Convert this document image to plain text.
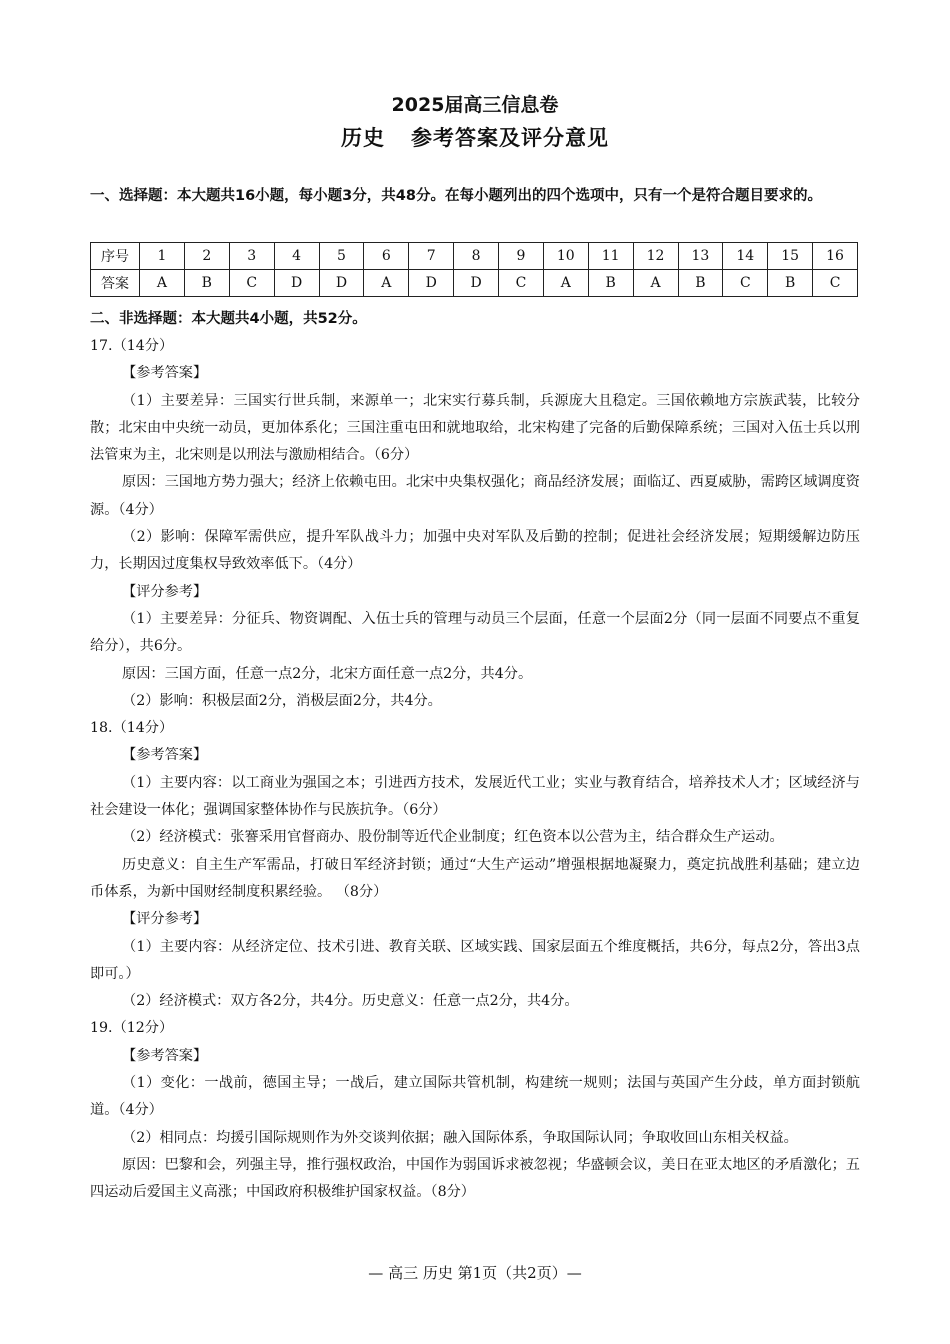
2025届高三信息卷
历史 参考答案及评分意见
一、选择题：本大题共16小题，每小题3分，共48分。在每小题列出的四个选项中，只有一个是符合题目要求的。
序号	1	2	3	4	5	6	7	8	9	10	11	12	13	14	15	16
答案	A	B	C	D	D	A	D	D	C	A	B	A	B	C	B	C
二、非选择题：本大题共4小题，共52分。

17.（14分）

【参考答案】

（1）主要差异：三国实行世兵制，来源单一；北宋实行募兵制，兵源庞大且稳定。三国依赖地方宗族武装，比较分散；北宋由中央统一动员，更加体系化；三国注重屯田和就地取给，北宋构建了完备的后勤保障系统；三国对入伍士兵以刑法管束为主，北宋则是以刑法与激励相结合。（6分）

原因：三国地方势力强大；经济上依赖屯田。北宋中央集权强化；商品经济发展；面临辽、西夏威胁，需跨区域调度资源。（4分）

（2）影响：保障军需供应，提升军队战斗力；加强中央对军队及后勤的控制；促进社会经济发展；短期缓解边防压力，长期因过度集权导致效率低下。（4分）

【评分参考】

（1）主要差异：分征兵、物资调配、入伍士兵的管理与动员三个层面，任意一个层面2分（同一层面不同要点不重复给分），共6分。

原因：三国方面，任意一点2分，北宋方面任意一点2分，共4分。

（2）影响：积极层面2分，消极层面2分，共4分。

18.（14分）

【参考答案】

（1）主要内容：以工商业为强国之本；引进西方技术，发展近代工业；实业与教育结合，培养技术人才；区域经济与社会建设一体化；强调国家整体协作与民族抗争。（6分）

（2）经济模式：张謇采用官督商办、股份制等近代企业制度；红色资本以公营为主，结合群众生产运动。

历史意义：自主生产军需品，打破日军经济封锁；通过“大生产运动”增强根据地凝聚力，奠定抗战胜利基础；建立边币体系，为新中国财经制度积累经验。 （8分）

【评分参考】

（1）主要内容：从经济定位、技术引进、教育关联、区域实践、国家层面五个维度概括，共6分，每点2分，答出3点即可。）

（2）经济模式：双方各2分，共4分。历史意义：任意一点2分，共4分。

19.（12分）

【参考答案】

（1）变化：一战前，德国主导；一战后，建立国际共管机制，构建统一规则；法国与英国产生分歧，单方面封锁航道。（4分）

（2）相同点：均援引国际规则作为外交谈判依据；融入国际体系，争取国际认同；争取收回山东相关权益。

原因：巴黎和会，列强主导，推行强权政治，中国作为弱国诉求被忽视；华盛顿会议，美日在亚太地区的矛盾激化；五四运动后爱国主义高涨；中国政府积极维护国家权益。（8分）

— 高三 历史 第1页（共2页）—
